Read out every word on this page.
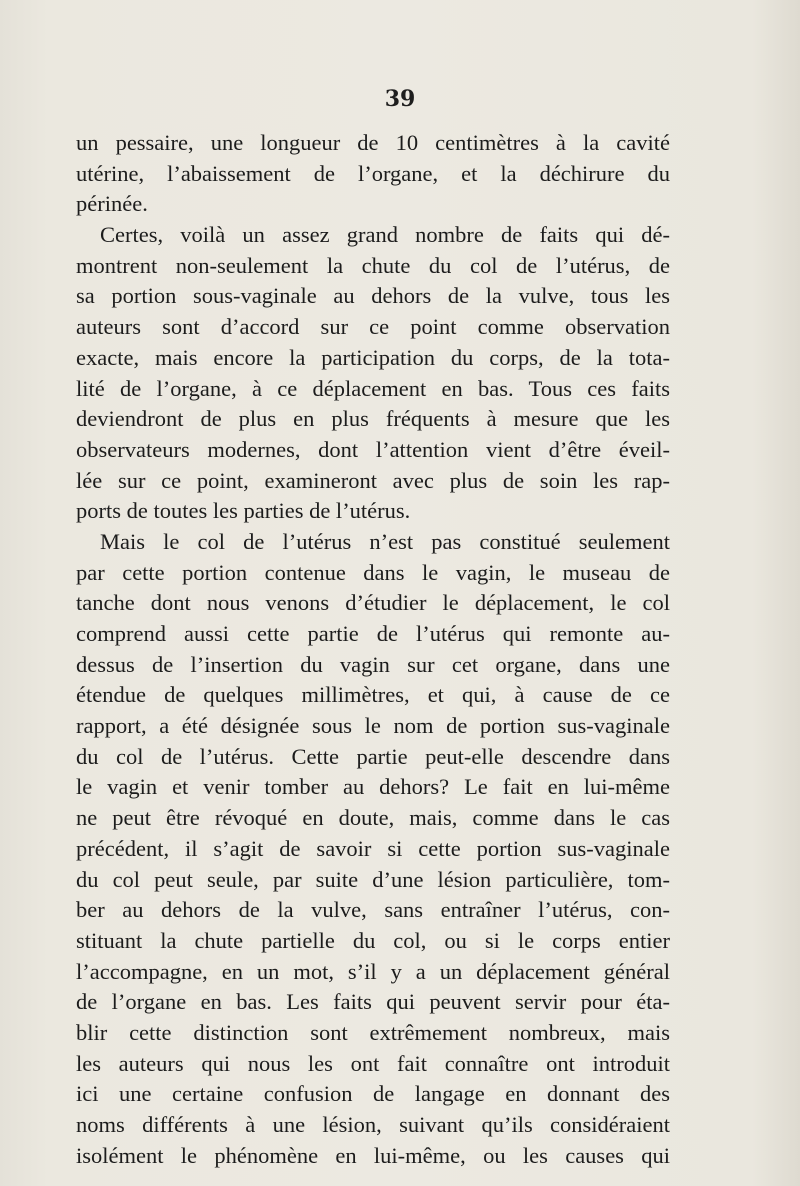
39
un pessaire, une longueur de 10 centimètres à la cavité
utérine, l’abaissement de l’organe, et la déchirure du
périnée.
Certes, voilà un assez grand nombre de faits qui dé-
montrent non-seulement la chute du col de l’utérus, de
sa portion sous-vaginale au dehors de la vulve, tous les
auteurs sont d’accord sur ce point comme observation
exacte, mais encore la participation du corps, de la tota-
lité de l’organe, à ce déplacement en bas. Tous ces faits
deviendront de plus en plus fréquents à mesure que les
observateurs modernes, dont l’attention vient d’être éveil-
lée sur ce point, examineront avec plus de soin les rap-
ports de toutes les parties de l’utérus.
Mais le col de l’utérus n’est pas constitué seulement
par cette portion contenue dans le vagin, le museau de
tanche dont nous venons d’étudier le déplacement, le col
comprend aussi cette partie de l’utérus qui remonte au-
dessus de l’insertion du vagin sur cet organe, dans une
étendue de quelques millimètres, et qui, à cause de ce
rapport, a été désignée sous le nom de portion sus-vaginale
du col de l’utérus. Cette partie peut-elle descendre dans
le vagin et venir tomber au dehors? Le fait en lui-même
ne peut être révoqué en doute, mais, comme dans le cas
précédent, il s’agit de savoir si cette portion sus-vaginale
du col peut seule, par suite d’une lésion particulière, tom-
ber au dehors de la vulve, sans entraîner l’utérus, con-
stituant la chute partielle du col, ou si le corps entier
l’accompagne, en un mot, s’il y a un déplacement général
de l’organe en bas. Les faits qui peuvent servir pour éta-
blir cette distinction sont extrêmement nombreux, mais
les auteurs qui nous les ont fait connaître ont introduit
ici une certaine confusion de langage en donnant des
noms différents à une lésion, suivant qu’ils considéraient
isolément le phénomène en lui-même, ou les causes qui
